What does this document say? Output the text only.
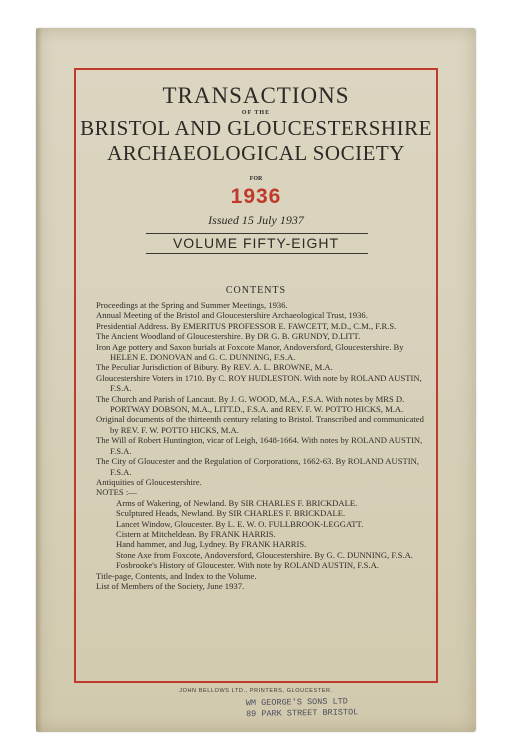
TRANSACTIONS
OF THE
BRISTOL AND GLOUCESTERSHIRE
ARCHAEOLOGICAL SOCIETY
FOR
1936
Issued 15 July 1937
VOLUME FIFTY-EIGHT
CONTENTS

Proceedings at the Spring and Summer Meetings, 1936.

Annual Meeting of the Bristol and Gloucestershire Archaeological Trust, 1936.

Presidential Address. By EMERITUS PROFESSOR E. FAWCETT, M.D., C.M., F.R.S.

The Ancient Woodland of Gloucestershire. By DR G. B. GRUNDY, D.LITT.

Iron Age pottery and Saxon burials at Foxcote Manor, Andoversford, Gloucestershire. By HELEN E. DONOVAN and G. C. DUNNING, F.S.A.

The Peculiar Jurisdiction of Bibury. By REV. A. L. BROWNE, M.A.

Gloucestershire Voters in 1710. By C. ROY HUDLESTON. With note by ROLAND AUSTIN, F.S.A.

The Church and Parish of Lancaut. By J. G. WOOD, M.A., F.S.A. With notes by MRS D. PORTWAY DOBSON, M.A., LITT.D., F.S.A. and REV. F. W. POTTO HICKS, M.A.

Original documents of the thirteenth century relating to Bristol. Transcribed and communicated by REV. F. W. POTTO HICKS, M.A.

The Will of Robert Huntington, vicar of Leigh, 1648-1664. With notes by ROLAND AUSTIN, F.S.A.

The City of Gloucester and the Regulation of Corporations, 1662-63. By ROLAND AUSTIN, F.S.A.

Antiquities of Gloucestershire.

NOTES :—

Arms of Wakering, of Newland. By SIR CHARLES F. BRICKDALE.

Sculptured Heads, Newland. By SIR CHARLES F. BRICKDALE.

Lancet Window, Gloucester. By L. E. W. O. FULLBROOK-LEGGATT.

Cistern at Mitcheldean. By FRANK HARRIS.

Hand hammer, and Jug, Lydney. By FRANK HARRIS.

Stone Axe from Foxcote, Andoversford, Gloucestershire. By G. C. DUNNING, F.S.A.

Fosbrooke's History of Gloucester. With note by ROLAND AUSTIN, F.S.A.

Title-page, Contents, and Index to the Volume.

List of Members of the Society, June 1937.

JOHN BELLOWS LTD., PRINTERS, GLOUCESTER.
WM GEORGE'S SONS LTD
89 PARK STREET BRISTOL
